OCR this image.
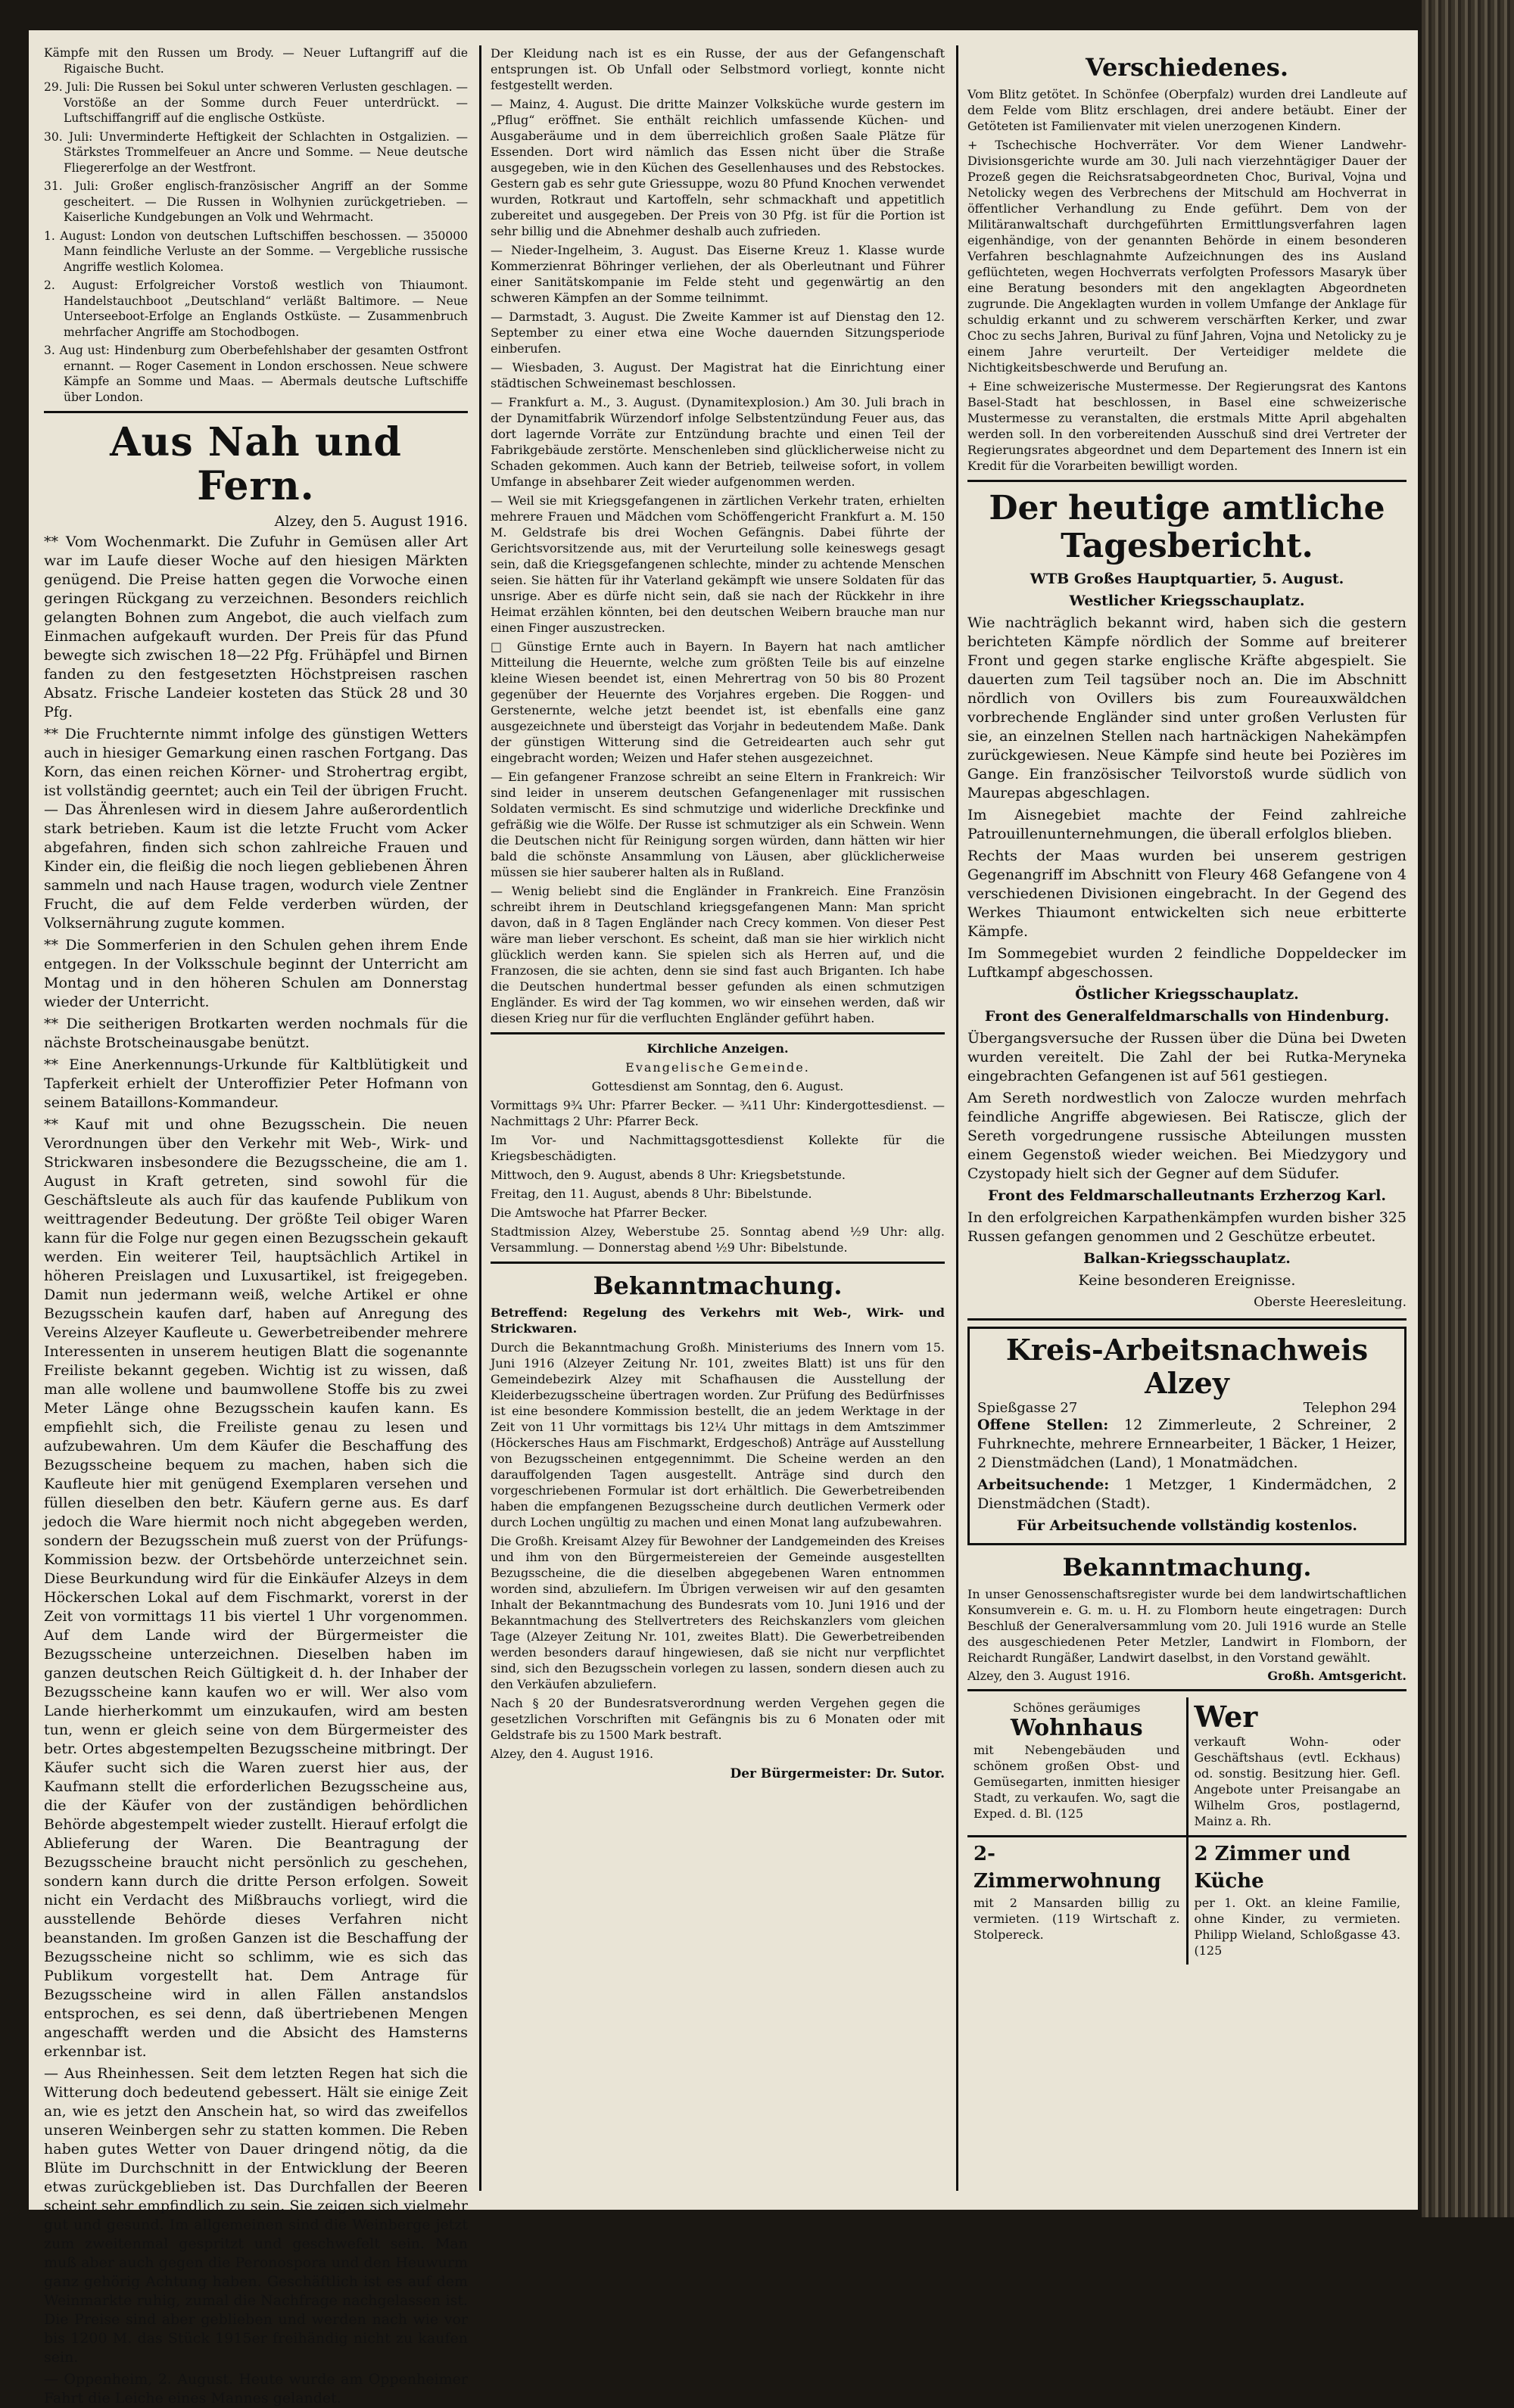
Kämpfe mit den Russen um Brody. — Neuer Luftangriff auf die Rigaische Bucht.

29. Juli: Die Russen bei Sokul unter schweren Verlusten geschlagen. — Vorstöße an der Somme durch Feuer unterdrückt. — Luftschiffangriff auf die englische Ostküste.

30. Juli: Unverminderte Heftigkeit der Schlachten in Ostgalizien. — Stärkstes Trommelfeuer an Ancre und Somme. — Neue deutsche Fliegererfolge an der Westfront.

31. Juli: Großer englisch-französischer Angriff an der Somme gescheitert. — Die Russen in Wolhynien zurückgetrieben. — Kaiserliche Kundgebungen an Volk und Wehrmacht.

1. August: London von deutschen Luftschiffen beschossen. — 350000 Mann feindliche Verluste an der Somme. — Vergebliche russische Angriffe westlich Kolomea.

2. August: Erfolgreicher Vorstoß westlich von Thiaumont. Handelstauchboot „Deutschland“ verläßt Baltimore. — Neue Unterseeboot-Erfolge an Englands Ostküste. — Zusammenbruch mehrfacher Angriffe am Stochodbogen.

3. Aug ust: Hindenburg zum Oberbefehlshaber der gesamten Ostfront ernannt. — Roger Casement in London erschossen. Neue schwere Kämpfe an Somme und Maas. — Abermals deutsche Luftschiffe über London.

Aus Nah und Fern.
Alzey, den 5. August 1916.

** Vom Wochenmarkt. Die Zufuhr in Gemüsen aller Art war im Laufe dieser Woche auf den hiesigen Märkten genügend. Die Preise hatten gegen die Vorwoche einen geringen Rückgang zu verzeichnen. Besonders reichlich gelangten Bohnen zum Angebot, die auch vielfach zum Einmachen aufgekauft wurden. Der Preis für das Pfund bewegte sich zwischen 18—22 Pfg. Frühäpfel und Birnen fanden zu den festgesetzten Höchstpreisen raschen Absatz. Frische Landeier kosteten das Stück 28 und 30 Pfg.

** Die Fruchternte nimmt infolge des günstigen Wetters auch in hiesiger Gemarkung einen raschen Fortgang. Das Korn, das einen reichen Körner- und Strohertrag ergibt, ist vollständig geerntet; auch ein Teil der übrigen Frucht. — Das Ährenlesen wird in diesem Jahre außerordentlich stark betrieben. Kaum ist die letzte Frucht vom Acker abgefahren, finden sich schon zahlreiche Frauen und Kinder ein, die fleißig die noch liegen gebliebenen Ähren sammeln und nach Hause tragen, wodurch viele Zentner Frucht, die auf dem Felde verderben würden, der Volksernährung zugute kommen.

** Die Sommerferien in den Schulen gehen ihrem Ende entgegen. In der Volksschule beginnt der Unterricht am Montag und in den höheren Schulen am Donnerstag wieder der Unterricht.

** Die seitherigen Brotkarten werden nochmals für die nächste Brotscheinausgabe benützt.

** Eine Anerkennungs-Urkunde für Kaltblütigkeit und Tapferkeit erhielt der Unteroffizier Peter Hofmann von seinem Bataillons-Kommandeur.

** Kauf mit und ohne Bezugsschein. Die neuen Verordnungen über den Verkehr mit Web-, Wirk- und Strickwaren insbesondere die Bezugsscheine, die am 1. August in Kraft getreten, sind sowohl für die Geschäftsleute als auch für das kaufende Publikum von weittragender Bedeutung. Der größte Teil obiger Waren kann für die Folge nur gegen einen Bezugsschein gekauft werden. Ein weiterer Teil, hauptsächlich Artikel in höheren Preislagen und Luxusartikel, ist freigegeben. Damit nun jedermann weiß, welche Artikel er ohne Bezugsschein kaufen darf, haben auf Anregung des Vereins Alzeyer Kaufleute u. Gewerbetreibender mehrere Interessenten in unserem heutigen Blatt die sogenannte Freiliste bekannt gegeben. Wichtig ist zu wissen, daß man alle wollene und baumwollene Stoffe bis zu zwei Meter Länge ohne Bezugsschein kaufen kann. Es empfiehlt sich, die Freiliste genau zu lesen und aufzubewahren. Um dem Käufer die Beschaffung des Bezugsscheine bequem zu machen, haben sich die Kaufleute hier mit genügend Exemplaren versehen und füllen dieselben den betr. Käufern gerne aus. Es darf jedoch die Ware hiermit noch nicht abgegeben werden, sondern der Bezugsschein muß zuerst von der Prüfungs-Kommission bezw. der Ortsbehörde unterzeichnet sein. Diese Beurkundung wird für die Einkäufer Alzeys in dem Höckerschen Lokal auf dem Fischmarkt, vorerst in der Zeit von vormittags 11 bis viertel 1 Uhr vorgenommen. Auf dem Lande wird der Bürgermeister die Bezugsscheine unterzeichnen. Dieselben haben im ganzen deutschen Reich Gültigkeit d. h. der Inhaber der Bezugsscheine kann kaufen wo er will. Wer also vom Lande hierherkommt um einzukaufen, wird am besten tun, wenn er gleich seine von dem Bürgermeister des betr. Ortes abgestempelten Bezugsscheine mitbringt. Der Käufer sucht sich die Waren zuerst hier aus, der Kaufmann stellt die erforderlichen Bezugsscheine aus, die der Käufer von der zuständigen behördlichen Behörde abgestempelt wieder zustellt. Hierauf erfolgt die Ablieferung der Waren. Die Beantragung der Bezugsscheine braucht nicht persönlich zu geschehen, sondern kann durch die dritte Person erfolgen. Soweit nicht ein Verdacht des Mißbrauchs vorliegt, wird die ausstellende Behörde dieses Verfahren nicht beanstanden. Im großen Ganzen ist die Beschaffung der Bezugsscheine nicht so schlimm, wie es sich das Publikum vorgestellt hat. Dem Antrage für Bezugsscheine wird in allen Fällen anstandslos entsprochen, es sei denn, daß übertriebenen Mengen angeschafft werden und die Absicht des Hamsterns erkennbar ist.

— Aus Rheinhessen. Seit dem letzten Regen hat sich die Witterung doch bedeutend gebessert. Hält sie einige Zeit an, wie es jetzt den Anschein hat, so wird das zweifellos unseren Weinbergen sehr zu statten kommen. Die Reben haben gutes Wetter von Dauer dringend nötig, da die Blüte im Durchschnitt in der Entwicklung der Beeren etwas zurückgeblieben ist. Das Durchfallen der Beeren scheint sehr empfindlich zu sein. Sie zeigen sich vielmehr gut und gesund. Im allgemeinen sind die Weinberge jetzt zum zweitenmal gespritzt und geschwefelt sein. Man muß aber auch gegen die Peronospora und den Heuwurm ganz gehörig Achtung haben. Geschäftlich ist es auf dem Weinmarkte ruhig, zumal die Nachfrage nachgelassen ist. Die Preise sind aber geblieben und werden nach wie vor bis 1200 M. das Stück 1915er freihändig nicht zu kaufen sein.

— Oppenheim, 2. August. Heute wurde am Oppenheimer Fahrt die Leiche eines Mannes gelandet.

Der Kleidung nach ist es ein Russe, der aus der Gefangenschaft entsprungen ist. Ob Unfall oder Selbstmord vorliegt, konnte nicht festgestellt werden.

— Mainz, 4. August. Die dritte Mainzer Volksküche wurde gestern im „Pflug“ eröffnet. Sie enthält reichlich umfassende Küchen- und Ausgaberäume und in dem überreichlich großen Saale Plätze für Essenden. Dort wird nämlich das Essen nicht über die Straße ausgegeben, wie in den Küchen des Gesellenhauses und des Rebstockes. Gestern gab es sehr gute Griessuppe, wozu 80 Pfund Knochen verwendet wurden, Rotkraut und Kartoffeln, sehr schmackhaft und appetitlich zubereitet und ausgegeben. Der Preis von 30 Pfg. ist für die Portion ist sehr billig und die Abnehmer deshalb auch zufrieden.

— Nieder-Ingelheim, 3. August. Das Eiserne Kreuz 1. Klasse wurde Kommerzienrat Böhringer verliehen, der als Oberleutnant und Führer einer Sanitätskompanie im Felde steht und gegenwärtig an den schweren Kämpfen an der Somme teilnimmt.

— Darmstadt, 3. August. Die Zweite Kammer ist auf Dienstag den 12. September zu einer etwa eine Woche dauernden Sitzungsperiode einberufen.

— Wiesbaden, 3. August. Der Magistrat hat die Einrichtung einer städtischen Schweinemast beschlossen.

— Frankfurt a. M., 3. August. (Dynamitexplosion.) Am 30. Juli brach in der Dynamitfabrik Würzendorf infolge Selbstentzündung Feuer aus, das dort lagernde Vorräte zur Entzündung brachte und einen Teil der Fabrikgebäude zerstörte. Menschenleben sind glücklicherweise nicht zu Schaden gekommen. Auch kann der Betrieb, teilweise sofort, in vollem Umfange in absehbarer Zeit wieder aufgenommen werden.

— Weil sie mit Kriegsgefangenen in zärtlichen Verkehr traten, erhielten mehrere Frauen und Mädchen vom Schöffengericht Frankfurt a. M. 150 M. Geldstrafe bis drei Wochen Gefängnis. Dabei führte der Gerichtsvorsitzende aus, mit der Verurteilung solle keineswegs gesagt sein, daß die Kriegsgefangenen schlechte, minder zu achtende Menschen seien. Sie hätten für ihr Vaterland gekämpft wie unsere Soldaten für das unsrige. Aber es dürfe nicht sein, daß sie nach der Rückkehr in ihre Heimat erzählen könnten, bei den deutschen Weibern brauche man nur einen Finger auszustrecken.

□ Günstige Ernte auch in Bayern. In Bayern hat nach amtlicher Mitteilung die Heuernte, welche zum größten Teile bis auf einzelne kleine Wiesen beendet ist, einen Mehrertrag von 50 bis 80 Prozent gegenüber der Heuernte des Vorjahres ergeben. Die Roggen- und Gerstenernte, welche jetzt beendet ist, ist ebenfalls eine ganz ausgezeichnete und übersteigt das Vorjahr in bedeutendem Maße. Dank der günstigen Witterung sind die Getreidearten auch sehr gut eingebracht worden; Weizen und Hafer stehen ausgezeichnet.

— Ein gefangener Franzose schreibt an seine Eltern in Frankreich: Wir sind leider in unserem deutschen Gefangenenlager mit russischen Soldaten vermischt. Es sind schmutzige und widerliche Dreckfinke und gefräßig wie die Wölfe. Der Russe ist schmutziger als ein Schwein. Wenn die Deutschen nicht für Reinigung sorgen würden, dann hätten wir hier bald die schönste Ansammlung von Läusen, aber glücklicherweise müssen sie hier sauberer halten als in Rußland.

— Wenig beliebt sind die Engländer in Frankreich. Eine Französin schreibt ihrem in Deutschland kriegsgefangenen Mann: Man spricht davon, daß in 8 Tagen Engländer nach Crecy kommen. Von dieser Pest wäre man lieber verschont. Es scheint, daß man sie hier wirklich nicht glücklich werden kann. Sie spielen sich als Herren auf, und die Franzosen, die sie achten, denn sie sind fast auch Briganten. Ich habe die Deutschen hundertmal besser gefunden als einen schmutzigen Engländer. Es wird der Tag kommen, wo wir einsehen werden, daß wir diesen Krieg nur für die verfluchten Engländer geführt haben.

Kirchliche Anzeigen.

Evangelische Gemeinde.

Gottesdienst am Sonntag, den 6. August.

Vormittags 9¾ Uhr: Pfarrer Becker. — ¾11 Uhr: Kindergottesdienst. — Nachmittags 2 Uhr: Pfarrer Beck.

Im Vor- und Nachmittagsgottesdienst Kollekte für die Kriegsbeschädigten.

Mittwoch, den 9. August, abends 8 Uhr: Kriegsbetstunde.

Freitag, den 11. August, abends 8 Uhr: Bibelstunde.

Die Amtswoche hat Pfarrer Becker.

Stadtmission Alzey, Weberstube 25. Sonntag abend ½9 Uhr: allg. Versammlung. — Donnerstag abend ½9 Uhr: Bibelstunde.

Bekanntmachung.

Betreffend: Regelung des Verkehrs mit Web-, Wirk- und Strickwaren.

Durch die Bekanntmachung Großh. Ministeriums des Innern vom 15. Juni 1916 (Alzeyer Zeitung Nr. 101, zweites Blatt) ist uns für den Gemeindebezirk Alzey mit Schafhausen die Ausstellung der Kleiderbezugsscheine übertragen worden. Zur Prüfung des Bedürfnisses ist eine besondere Kommission bestellt, die an jedem Werktage in der Zeit von 11 Uhr vormittags bis 12¼ Uhr mittags in dem Amtszimmer (Höckersches Haus am Fischmarkt, Erdgeschoß) Anträge auf Ausstellung von Bezugsscheinen entgegennimmt. Die Scheine werden an den darauffolgenden Tagen ausgestellt. Anträge sind durch den vorgeschriebenen Formular ist dort erhältlich. Die Gewerbetreibenden haben die empfangenen Bezugsscheine durch deutlichen Vermerk oder durch Lochen ungültig zu machen und einen Monat lang aufzubewahren.

Die Großh. Kreisamt Alzey für Bewohner der Landgemeinden des Kreises und ihm von den Bürgermeistereien der Gemeinde ausgestellten Bezugsscheine, die die dieselben abgegebenen Waren entnommen worden sind, abzuliefern. Im Übrigen verweisen wir auf den gesamten Inhalt der Bekanntmachung des Bundesrats vom 10. Juni 1916 und der Bekanntmachung des Stellvertreters des Reichskanzlers vom gleichen Tage (Alzeyer Zeitung Nr. 101, zweites Blatt). Die Gewerbetreibenden werden besonders darauf hingewiesen, daß sie nicht nur verpflichtet sind, sich den Bezugsschein vorlegen zu lassen, sondern diesen auch zu den Verkäufen abzuliefern.

Nach § 20 der Bundesratsverordnung werden Vergehen gegen die gesetzlichen Vorschriften mit Gefängnis bis zu 6 Monaten oder mit Geldstrafe bis zu 1500 Mark bestraft.

Alzey, den 4. August 1916.

Der Bürgermeister: Dr. Sutor.

Verschiedenes.

Vom Blitz getötet. In Schönfee (Oberpfalz) wurden drei Landleute auf dem Felde vom Blitz erschlagen, drei andere betäubt. Einer der Getöteten ist Familienvater mit vielen unerzogenen Kindern.

+ Tschechische Hochverräter. Vor dem Wiener Landwehr-Divisionsgerichte wurde am 30. Juli nach vierzehntägiger Dauer der Prozeß gegen die Reichsratsabgeordneten Choc, Burival, Vojna und Netolicky wegen des Verbrechens der Mitschuld am Hochverrat in öffentlicher Verhandlung zu Ende geführt. Dem von der Militäranwaltschaft durchgeführten Ermittlungsverfahren lagen eigenhändige, von der genannten Behörde in einem besonderen Verfahren beschlagnahmte Aufzeichnungen des ins Ausland geflüchteten, wegen Hochverrats verfolgten Professors Masaryk über eine Beratung besonders mit den angeklagten Abgeordneten zugrunde. Die Angeklagten wurden in vollem Umfange der Anklage für schuldig erkannt und zu schwerem verschärften Kerker, und zwar Choc zu sechs Jahren, Burival zu fünf Jahren, Vojna und Netolicky zu je einem Jahre verurteilt. Der Verteidiger meldete die Nichtigkeitsbeschwerde und Berufung an.

+ Eine schweizerische Mustermesse. Der Regierungsrat des Kantons Basel-Stadt hat beschlossen, in Basel eine schweizerische Mustermesse zu veranstalten, die erstmals Mitte April abgehalten werden soll. In den vorbereitenden Ausschuß sind drei Vertreter der Regierungsrates abgeordnet und dem Departement des Innern ist ein Kredit für die Vorarbeiten bewilligt worden.

Der heutige amtliche Tagesbericht.

WTB Großes Hauptquartier, 5. August.

Westlicher Kriegsschauplatz.

Wie nachträglich bekannt wird, haben sich die gestern berichteten Kämpfe nördlich der Somme auf breiterer Front und gegen starke englische Kräfte abgespielt. Sie dauerten zum Teil tagsüber noch an. Die im Abschnitt nördlich von Ovillers bis zum Foureauxwäldchen vorbrechende Engländer sind unter großen Verlusten für sie, an einzelnen Stellen nach hartnäckigen Nahekämpfen zurückgewiesen. Neue Kämpfe sind heute bei Pozières im Gange. Ein französischer Teilvorstoß wurde südlich von Maurepas abgeschlagen.

Im Aisnegebiet machte der Feind zahlreiche Patrouillenunternehmungen, die überall erfolglos blieben.

Rechts der Maas wurden bei unserem gestrigen Gegenangriff im Abschnitt von Fleury 468 Gefangene von 4 verschiedenen Divisionen eingebracht. In der Gegend des Werkes Thiaumont entwickelten sich neue erbitterte Kämpfe.

Im Sommegebiet wurden 2 feindliche Doppeldecker im Luftkampf abgeschossen.

Östlicher Kriegsschauplatz.

Front des Generalfeldmarschalls von Hindenburg.

Übergangsversuche der Russen über die Düna bei Dweten wurden vereitelt. Die Zahl der bei Rutka-Meryneka eingebrachten Gefangenen ist auf 561 gestiegen.

Am Sereth nordwestlich von Zalocze wurden mehrfach feindliche Angriffe abgewiesen. Bei Ratiscze, glich der Sereth vorgedrungene russische Abteilungen mussten einem Gegenstoß wieder weichen. Bei Miedzygory und Czystopady hielt sich der Gegner auf dem Südufer.

Front des Feldmarschalleutnants Erzherzog Karl.

In den erfolgreichen Karpathenkämpfen wurden bisher 325 Russen gefangen genommen und 2 Geschütze erbeutet.

Balkan-Kriegsschauplatz.

Keine besonderen Ereignisse.

Oberste Heeresleitung.

Kreis-Arbeitsnachweis Alzey
Spießgasse 27	Telephon 294

Offene Stellen: 12 Zimmerleute, 2 Schreiner, 2 Fuhrknechte, mehrere Ernnearbeiter, 1 Bäcker, 1 Heizer, 2 Dienstmädchen (Land), 1 Monatmädchen.

Arbeitsuchende: 1 Metzger, 1 Kindermädchen, 2 Dienstmädchen (Stadt).

Für Arbeitsuchende vollständig kostenlos.

Bekanntmachung.

In unser Genossenschaftsregister wurde bei dem landwirtschaftlichen Konsumverein e. G. m. u. H. zu Flomborn heute eingetragen: Durch Beschluß der Generalversammlung vom 20. Juli 1916 wurde an Stelle des ausgeschiedenen Peter Metzler, Landwirt in Flomborn, der Reichardt Rungäßer, Landwirt daselbst, in den Vorstand gewählt.

Alzey, den 3. August 1916.	Großh. Amtsgericht.
Schönes geräumiges
Wohnhaus

mit Nebengebäuden und schönem großen Obst- und Gemüsegarten, inmitten hiesiger Stadt, zu verkaufen. Wo, sagt die Exped. d. Bl. (125

Wer

verkauft Wohn- oder Geschäftshaus (evtl. Eckhaus) od. sonstig. Besitzung hier. Gefl. Angebote unter Preisangabe an Wilhelm Gros, postlagernd, Mainz a. Rh.

2-Zimmerwohnung

mit 2 Mansarden billig zu vermieten. (119 Wirtschaft z. Stolpereck.

2 Zimmer und Küche

per 1. Okt. an kleine Familie, ohne Kinder, zu vermieten. Philipp Wieland, Schloßgasse 43. (125
